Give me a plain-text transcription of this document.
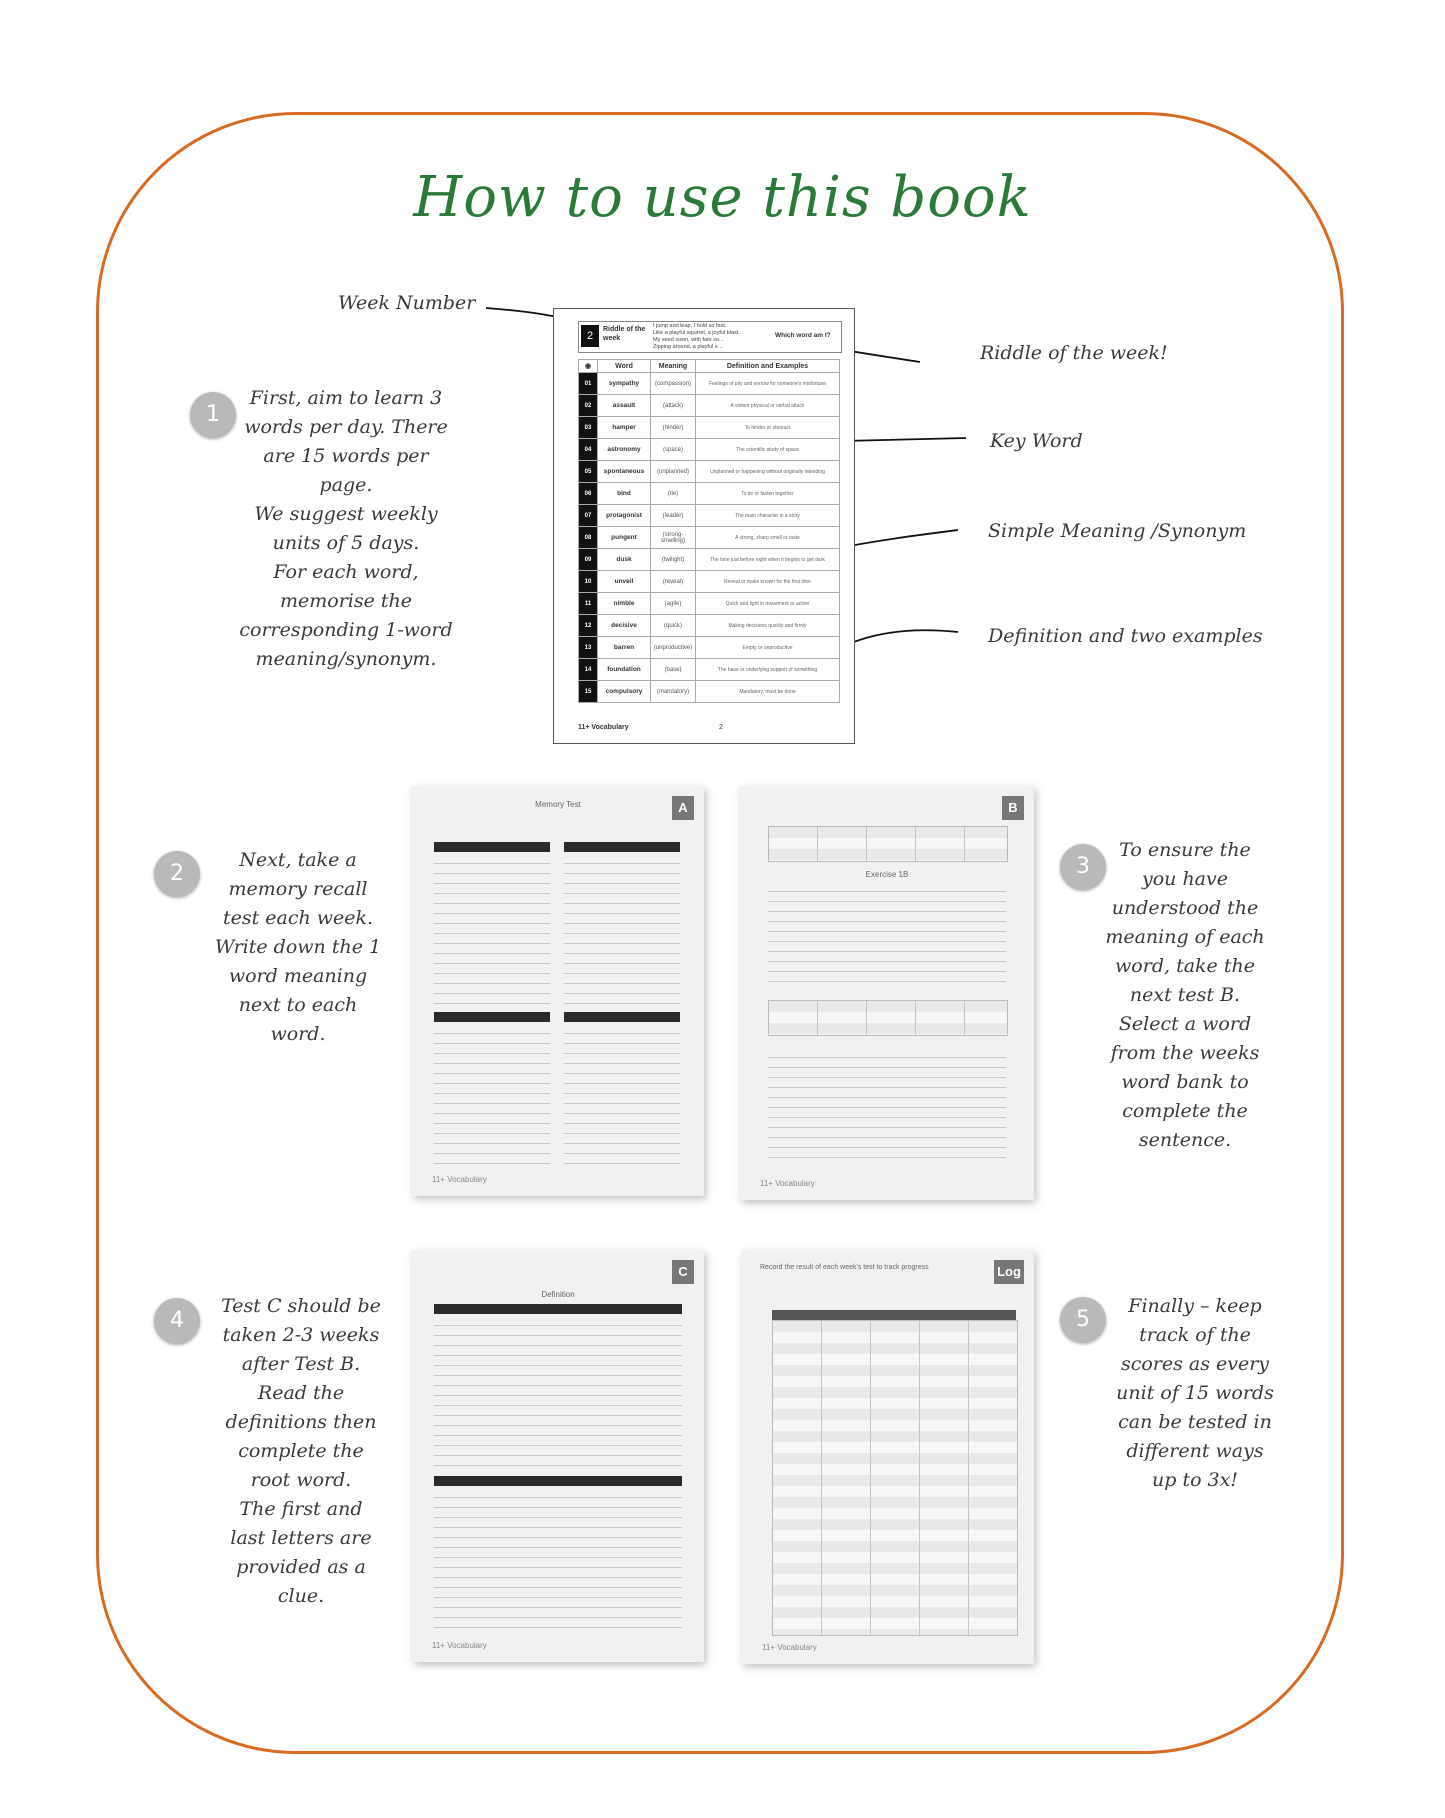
How to use this book
Week Number
Riddle of the week!
Key Word
Simple Meaning /Synonym
Definition and two examples
2
Riddle of the week
I jump and leap, I hold so fast.
Like a playful squirrel, a joyful blast.
My seed sown, with fate so...
Zipping around, a playful e...
Which word am I?
◉	Word	Meaning	Definition and Examples
01	sympathy	(compassion)	Feelings of pity and sorrow for someone's misfortune
02	assault	(attack)	A violent physical or verbal attack
03	hamper	(hinder)	To hinder or obstruct
04	astronomy	(space)	The scientific study of space
05	spontaneous	(unplanned)	Unplanned or happening without originally intending
06	bind	(tie)	To tie or fasten together
07	protagonist	(leader)	The main character in a story
08	pungent	(strong-smelling)	A strong, sharp smell or taste
09	dusk	(twilight)	The time just before night when it begins to get dark
10	unveil	(reveal)	Reveal or make known for the first time
11	nimble	(agile)	Quick and light in movement or action
12	decisive	(quick)	Making decisions quickly and firmly
13	barren	(unproductive)	Empty or unproductive
14	foundation	(base)	The base or underlying support of something
15	compulsory	(mandatory)	Mandatory, must be done
11+ Vocabulary	2
1
First, aim to learn 3
words per day. There
are 15 words per page.
We suggest weekly
units of 5 days.
For each word,
memorise the
corresponding 1-word
meaning/synonym.
2
Next, take a
memory recall
test each week.
Write down the 1
word meaning
next to each
word.
3
To ensure the
you have
understood the
meaning of each
word, take the
next test B.
Select a word
from the weeks
word bank to
complete the
sentence.
4
Test C should be
taken 2-3 weeks
after Test B.
Read the
definitions then
complete the
root word.
The first and
last letters are
provided as a
clue.
5
Finally – keep
track of the
scores as every
unit of 15 words
can be tested in
different ways
up to 3x!
A
Memory Test
11+ Vocabulary
B
Exercise 1B
11+ Vocabulary
C
Definition
11+ Vocabulary
Log
Record the result of each week's test to track progress
11+ Vocabulary
